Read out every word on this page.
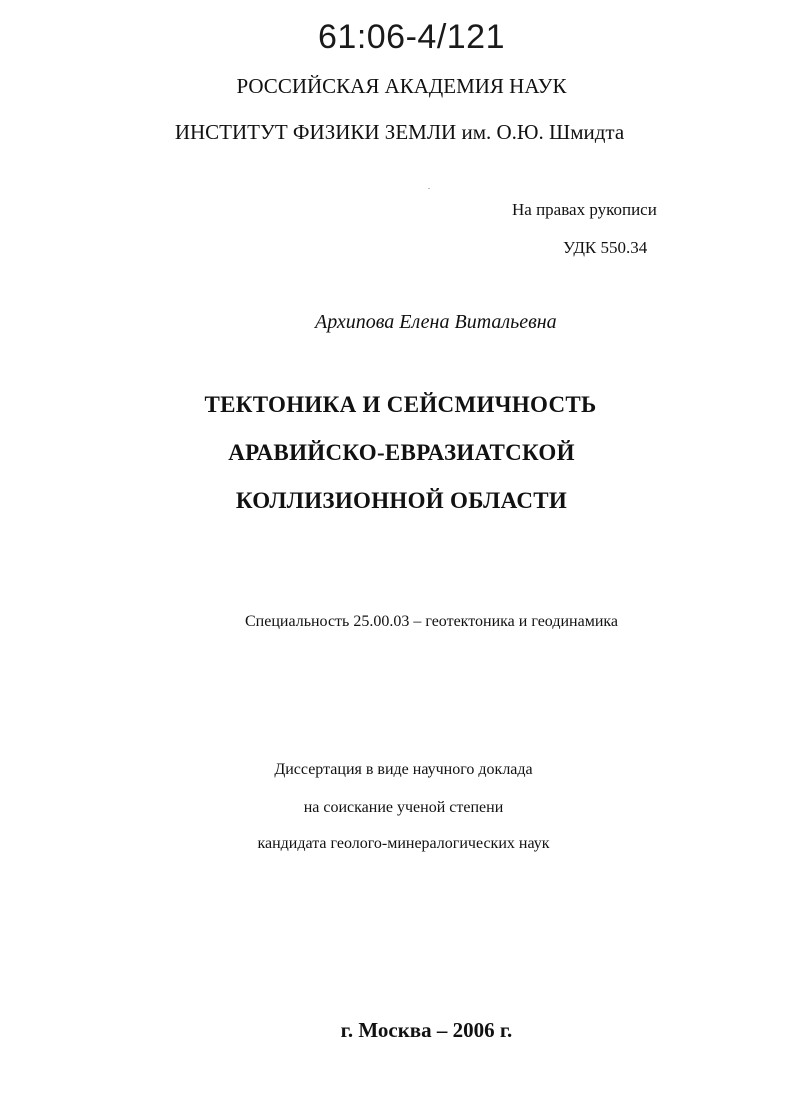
61:06-4/121
РОССИЙСКАЯ АКАДЕМИЯ НАУК
ИНСТИТУТ ФИЗИКИ ЗЕМЛИ им. О.Ю. Шмидта
На правах рукописи
УДК 550.34
Архипова Елена Витальевна
ТЕКТОНИКА И СЕЙСМИЧНОСТЬ
АРАВИЙСКО-ЕВРАЗИАТСКОЙ
КОЛЛИЗИОННОЙ ОБЛАСТИ
Специальность 25.00.03 – геотектоника и геодинамика
Диссертация в виде научного доклада
на соискание ученой степени
кандидата геолого-минералогических наук
г. Москва – 2006 г.
